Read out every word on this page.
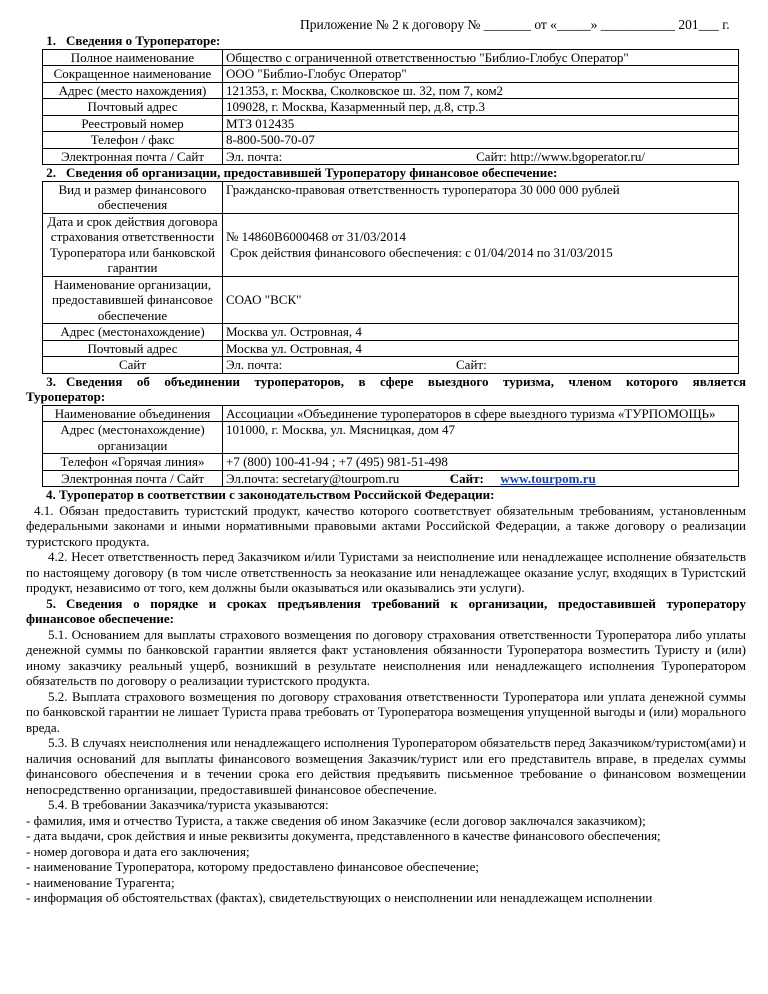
Приложение № 2 к договору № _______ от «_____» ___________ 201___ г.
1. Сведения о Туроператоре:
Полное наименование	Общество с ограниченной ответственностью "Библио-Глобус Оператор"
Сокращенное наименование	ООО "Библио-Глобус Оператор"
Адрес (место нахождения)	121353, г. Москва, Сколковское ш. 32, пом 7, ком2
Почтовый адрес	109028, г. Москва, Казарменный пер, д.8, стр.3
Реестровый номер	МТЗ 012435
Телефон / факс	8-800-500-70-07
Электронная почта / Сайт	Эл. почта: Сайт: http://www.bgoperator.ru/
2. Сведения об организации, предоставившей Туроператору финансовое обеспечение:
Вид и размер финансового обеспечения	Гражданско-правовая ответственность туроператора 30 000 000 рублей
Дата и срок действия договора страхования ответственности Туроператора или банковской гарантии	№ 14860В6000468 от 31/03/2014
Срок действия финансового обеспечения: с 01/04/2014 по 31/03/2015

Наименование организации, предоставившей финансовое обеспечение	СОАО "ВСК"
Адрес (местонахождение)	Москва ул. Островная, 4
Почтовый адрес	Москва ул. Островная, 4
Сайт	Эл. почта: Сайт:
3. Сведения об объединении туроператоров, в сфере выездного туризма, членом которого является
Туроператор:
Наименование объединения	Ассоциации «Объединение туроператоров в сфере выездного туризма «ТУРПОМОЩЬ»
Адрес (местонахождение) организации	101000, г. Москва, ул. Мясницкая, дом 47
Телефон «Горячая линия»	+7 (800) 100-41-94 ; +7 (495) 981-51-498
Электронная почта / Сайт	Эл.почта: secretary@tourpom.ru Сайт: www.tourpom.ru
4. Туроператор в соответствии с законодательством Российской Федерации:

4.1. Обязан предоставить туристский продукт, качество которого соответствует обязательным требованиям, установленным федеральными законами и иными нормативными правовыми актами Российской Федерации, а также договору о реализации туристского продукта.

4.2. Несет ответственность перед Заказчиком и/или Туристами за неисполнение или ненадлежащее исполнение обязательств по настоящему договору (в том числе ответственность за неоказание или ненадлежащее оказание услуг, входящих в Туристский продукт, независимо от того, кем должны были оказываться или оказывались эти услуги).

5. Сведения о порядке и сроках предъявления требований к организации, предоставившей туроператору
финансовое обеспечение:

5.1. Основанием для выплаты страхового возмещения по договору страхования ответственности Туроператора либо уплаты денежной суммы по банковской гарантии является факт установления обязанности Туроператора возместить Туристу и (или) иному заказчику реальный ущерб, возникший в результате неисполнения или ненадлежащего исполнения Туроператором обязательств по договору о реализации туристского продукта.

5.2. Выплата страхового возмещения по договору страхования ответственности Туроператора или уплата денежной суммы по банковской гарантии не лишает Туриста права требовать от Туроператора возмещения упущенной выгоды и (или) морального вреда.

5.3. В случаях неисполнения или ненадлежащего исполнения Туроператором обязательств перед Заказчиком/туристом(ами) и наличия оснований для выплаты финансового возмещения Заказчик/турист или его представитель вправе, в пределах суммы финансового обеспечения и в течении срока его действия предъявить письменное требование о финансовом возмещении непосредственно организации, предоставившей финансовое обеспечение.

5.4. В требовании Заказчика/туриста указываются:

- фамилия, имя и отчество Туриста, а также сведения об ином Заказчике (если договор заключался заказчиком);
- дата выдачи, срок действия и иные реквизиты документа, представленного в качестве финансового обеспечения;
- номер договора и дата его заключения;
- наименование Туроператора, которому предоставлено финансовое обеспечение;
- наименование Турагента;
- информация об обстоятельствах (фактах), свидетельствующих о неисполнении или ненадлежащем исполнении
